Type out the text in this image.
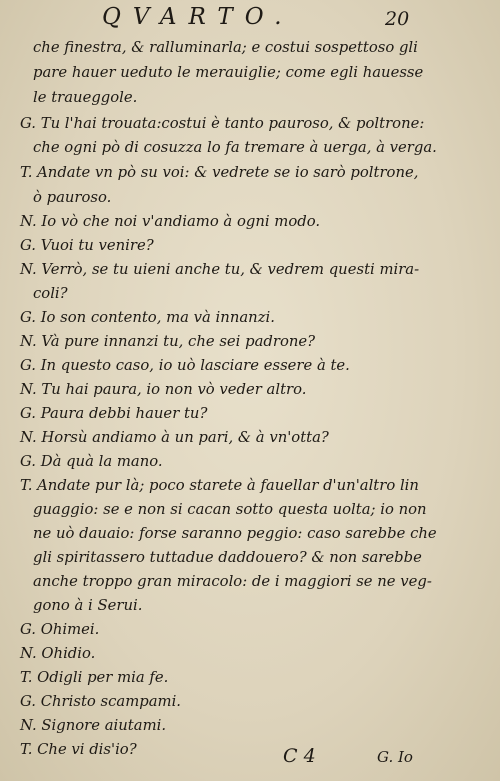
QVARTO.	20
che finestra, & ralluminarla; e costui sospettoso gli
pare hauer ueduto le merauiglie; come egli hauesse
le traueggole.
G. Tu l'hai trouata:costui è tanto pauroso, & poltrone:
che ogni pò di cosuzza lo fa tremare à uerga, à verga.
T. Andate vn pò su voi: & vedrete se io sarò poltrone,
ò pauroso.
N. Io vò che noi v'andiamo à ogni modo.
G. Vuoi tu venire?
N. Verrò, se tu uieni anche tu, & vedrem questi mira-
coli?
G. Io son contento, ma và innanzi.
N. Và pure innanzi tu, che sei padrone?
G. In questo caso, io uò lasciare essere à te.
N. Tu hai paura, io non vò veder altro.
G. Paura debbi hauer tu?
N. Horsù andiamo à un pari, & à vn'otta?
G. Dà quà la mano.
T. Andate pur là; poco starete à fauellar d'un'altro lin
guaggio: se e non si cacan sotto questa uolta; io non
ne uò dauaio: forse saranno peggio: caso sarebbe che
gli spiritassero tuttadue daddouero? & non sarebbe
anche troppo gran miracolo: de i maggiori se ne veg-
gono à i Serui.
G. Ohimei.
N. Ohidio.
T. Odigli per mia fe.
G. Christo scampami.
N. Signore aiutami.
T. Che vi dis'io?	C 4	G. Io
